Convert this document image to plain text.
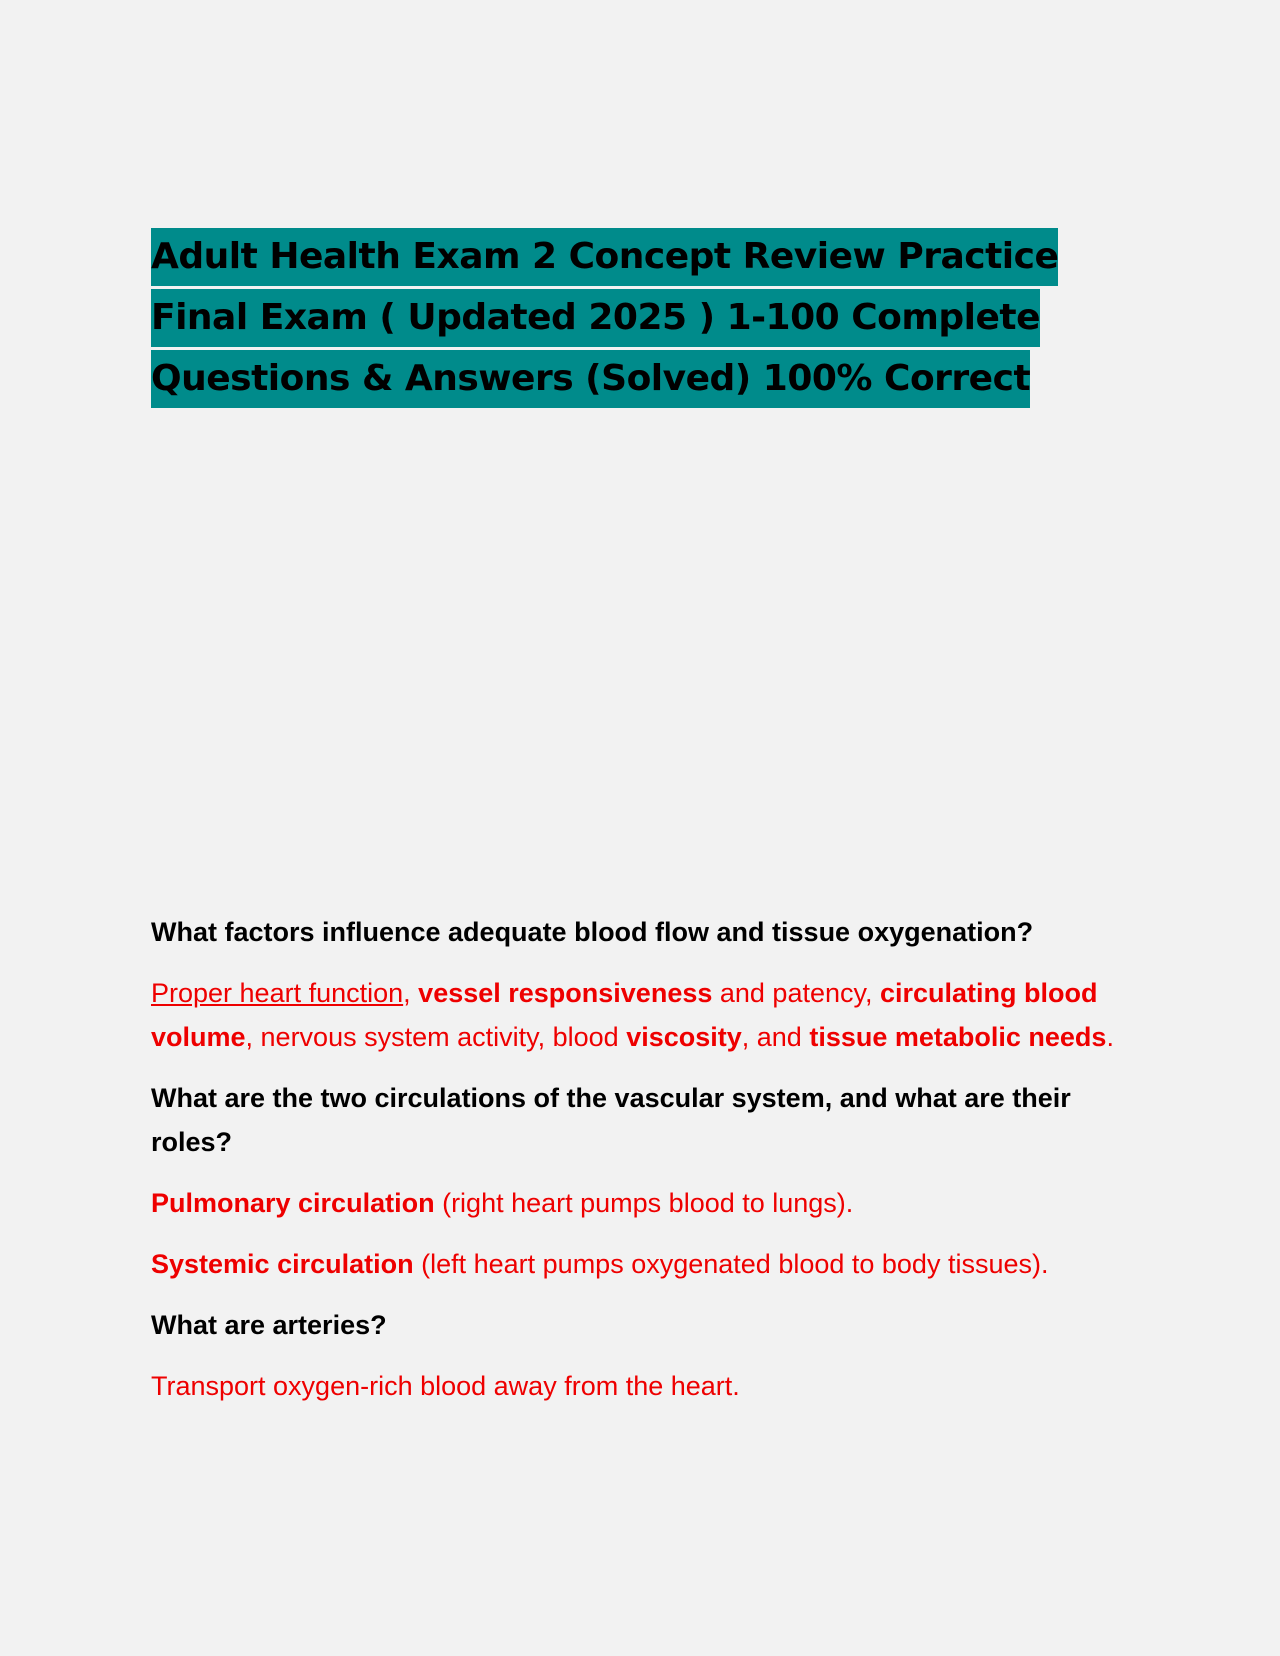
Adult Health Exam 2 Concept Review Practice
Final Exam ( Updated 2025 ) 1-100 Complete
Questions & Answers (Solved) 100% Correct

What factors influence adequate blood flow and tissue oxygenation?

Proper heart function, vessel responsiveness and patency, circulating blood volume, nervous system activity, blood viscosity, and tissue metabolic needs.

What are the two circulations of the vascular system, and what are their roles?

Pulmonary circulation (right heart pumps blood to lungs).

Systemic circulation (left heart pumps oxygenated blood to body tissues).

What are arteries?

Transport oxygen-rich blood away from the heart.
